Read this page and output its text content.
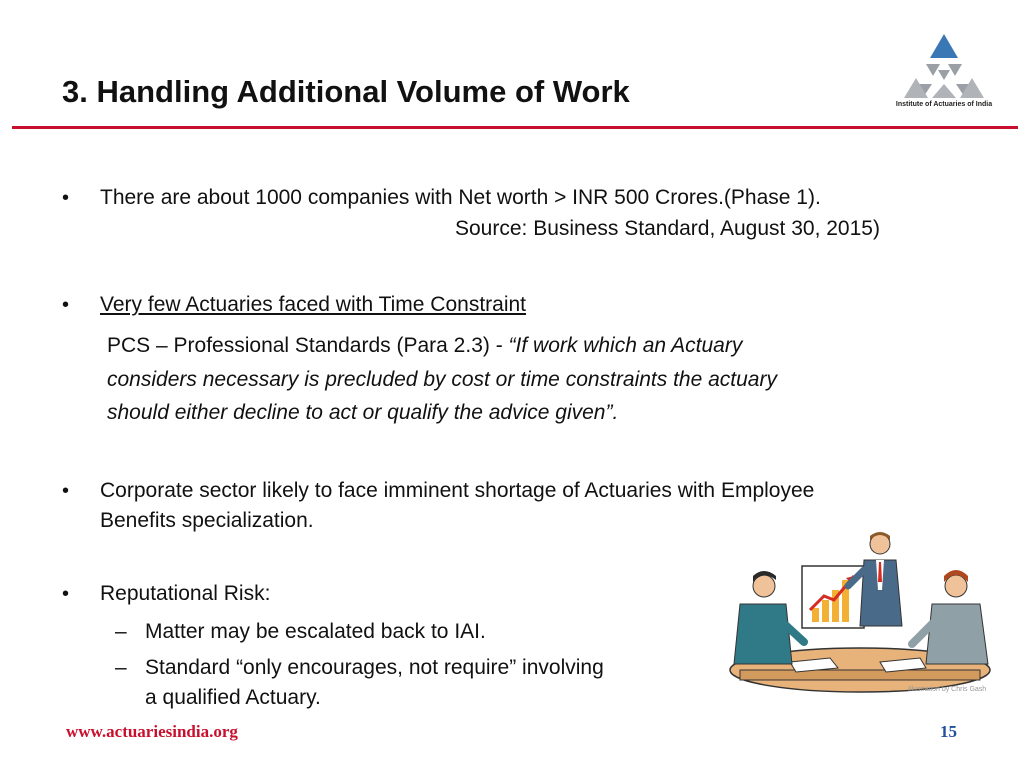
3. Handling Additional Volume of Work	Institute of Actuaries of India
• There are about 1000 companies with Net worth > INR 500 Crores.(Phase 1).
Source: Business Standard, August 30, 2015)
• Very few Actuaries faced with Time Constraint
PCS – Professional Standards (Para 2.3) - “If work which an Actuary
considers necessary is precluded by cost or time constraints the actuary
should either decline to act or qualify the advice given”.
• Corporate sector likely to face imminent shortage of Actuaries with Employee
Benefits specialization.
• Reputational Risk:
– Matter may be escalated back to IAI.
– Standard “only encourages, not require” involving
a qualified Actuary.	Illustration by Chris Gash
www.actuariesindia.org	15
